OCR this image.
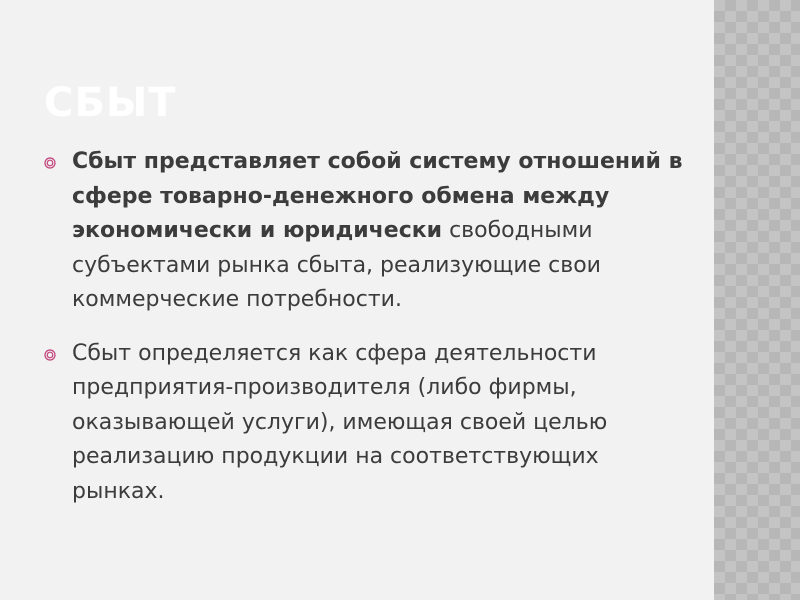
СБЫТ
Сбыт представляет собой систему отношений в сфере товарно-денежного обмена между экономически и юридически свободными субъектами рынка сбыта, реализующие свои коммерческие потребности.
Сбыт определяется как сфера деятельности предприятия-производителя (либо фирмы, оказывающей услуги), имеющая своей целью реализацию продукции на соответствующих рынках.
